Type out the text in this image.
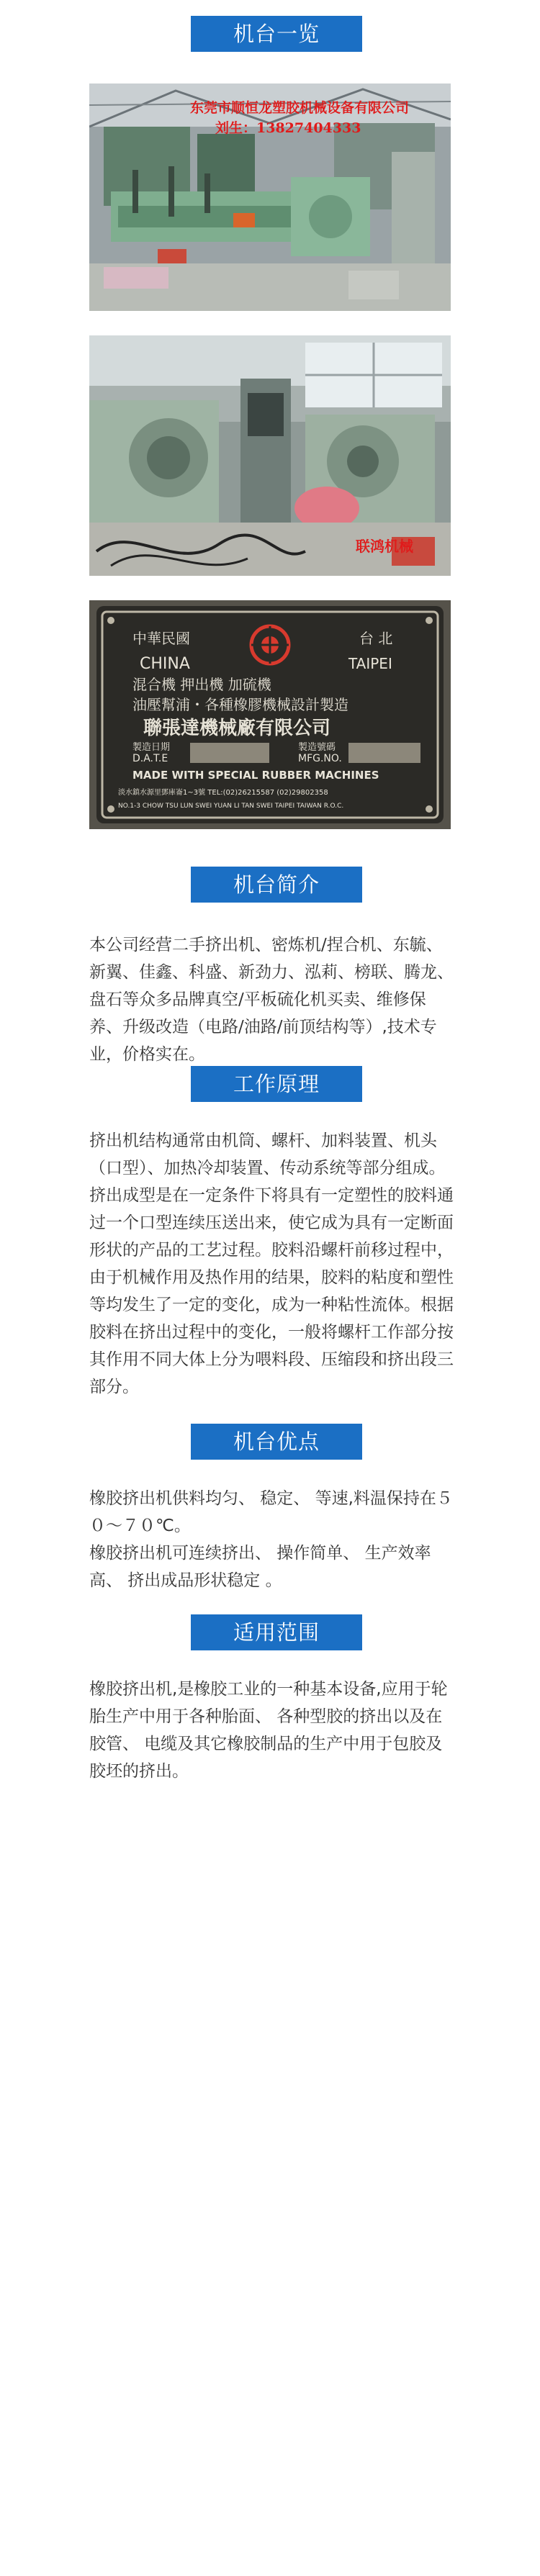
机台一览
东莞市顺恒龙塑胶机械设备有限公司
刘生：13827404333
联鸿机械
中華民國	台 北
CHINA	TAIPEI
混合機 押出機 加硫機
油壓幫浦・各種橡膠機械設計製造
聯張達機械廠有限公司
製造日期
D.A.T.E
製造號碼
MFG.NO.
MADE WITH SPECIAL RUBBER MACHINES
淡水鎮水源里鄧庫崙1~3號 TEL:(02)26215587 (02)29802358
NO.1-3 CHOW TSU LUN SWEI YUAN LI TAN SWEI TAIPEI TAIWAN R.O.C.
机台简介

本公司经营二手挤出机、密炼机/捏合机、东毓、新翼、佳鑫、科盛、新劲力、泓莉、榜联、腾龙、盘石等众多品牌真空/平板硫化机买卖、维修保养、升级改造（电路/油路/前顶结构等）,技术专业，价格实在。

工作原理

挤出机结构通常由机筒、螺杆、加料装置、机头（口型）、加热冷却装置、传动系统等部分组成。
挤出成型是在一定条件下将具有一定塑性的胶料通过一个口型连续压送出来，使它成为具有一定断面形状的产品的工艺过程。胶料沿螺杆前移过程中，由于机械作用及热作用的结果，胶料的粘度和塑性等均发生了一定的变化，成为一种粘性流体。根据胶料在挤出过程中的变化，一般将螺杆工作部分按其作用不同大体上分为喂料段、压缩段和挤出段三部分。

机台优点

橡胶挤出机供料均匀、 稳定、 等速,料温保持在５０～７０℃。
橡胶挤出机可连续挤出、 操作简单、 生产效率高、 挤出成品形状稳定 。

适用范围

橡胶挤出机,是橡胶工业的一种基本设备,应用于轮胎生产中用于各种胎面、 各种型胶的挤出以及在胶管、 电缆及其它橡胶制品的生产中用于包胶及胶坯的挤出。
